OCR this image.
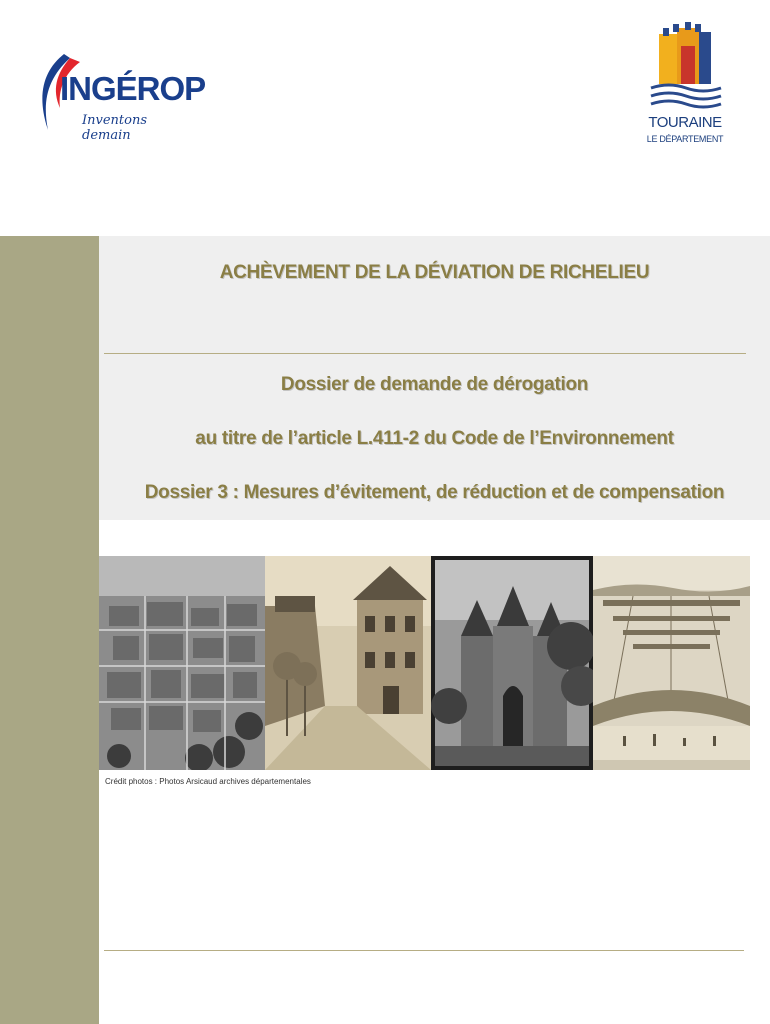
INGÉROP
Inventons demain
TOURAINE
LE DÉPARTEMENT
ACHÈVEMENT DE LA DÉVIATION DE RICHELIEU
Dossier de demande de dérogation
au titre de l’article L.411-2 du Code de l’Environnement
Dossier 3 : Mesures d’évitement, de réduction et de compensation
Crédit photos : Photos Arsicaud archives départementales
